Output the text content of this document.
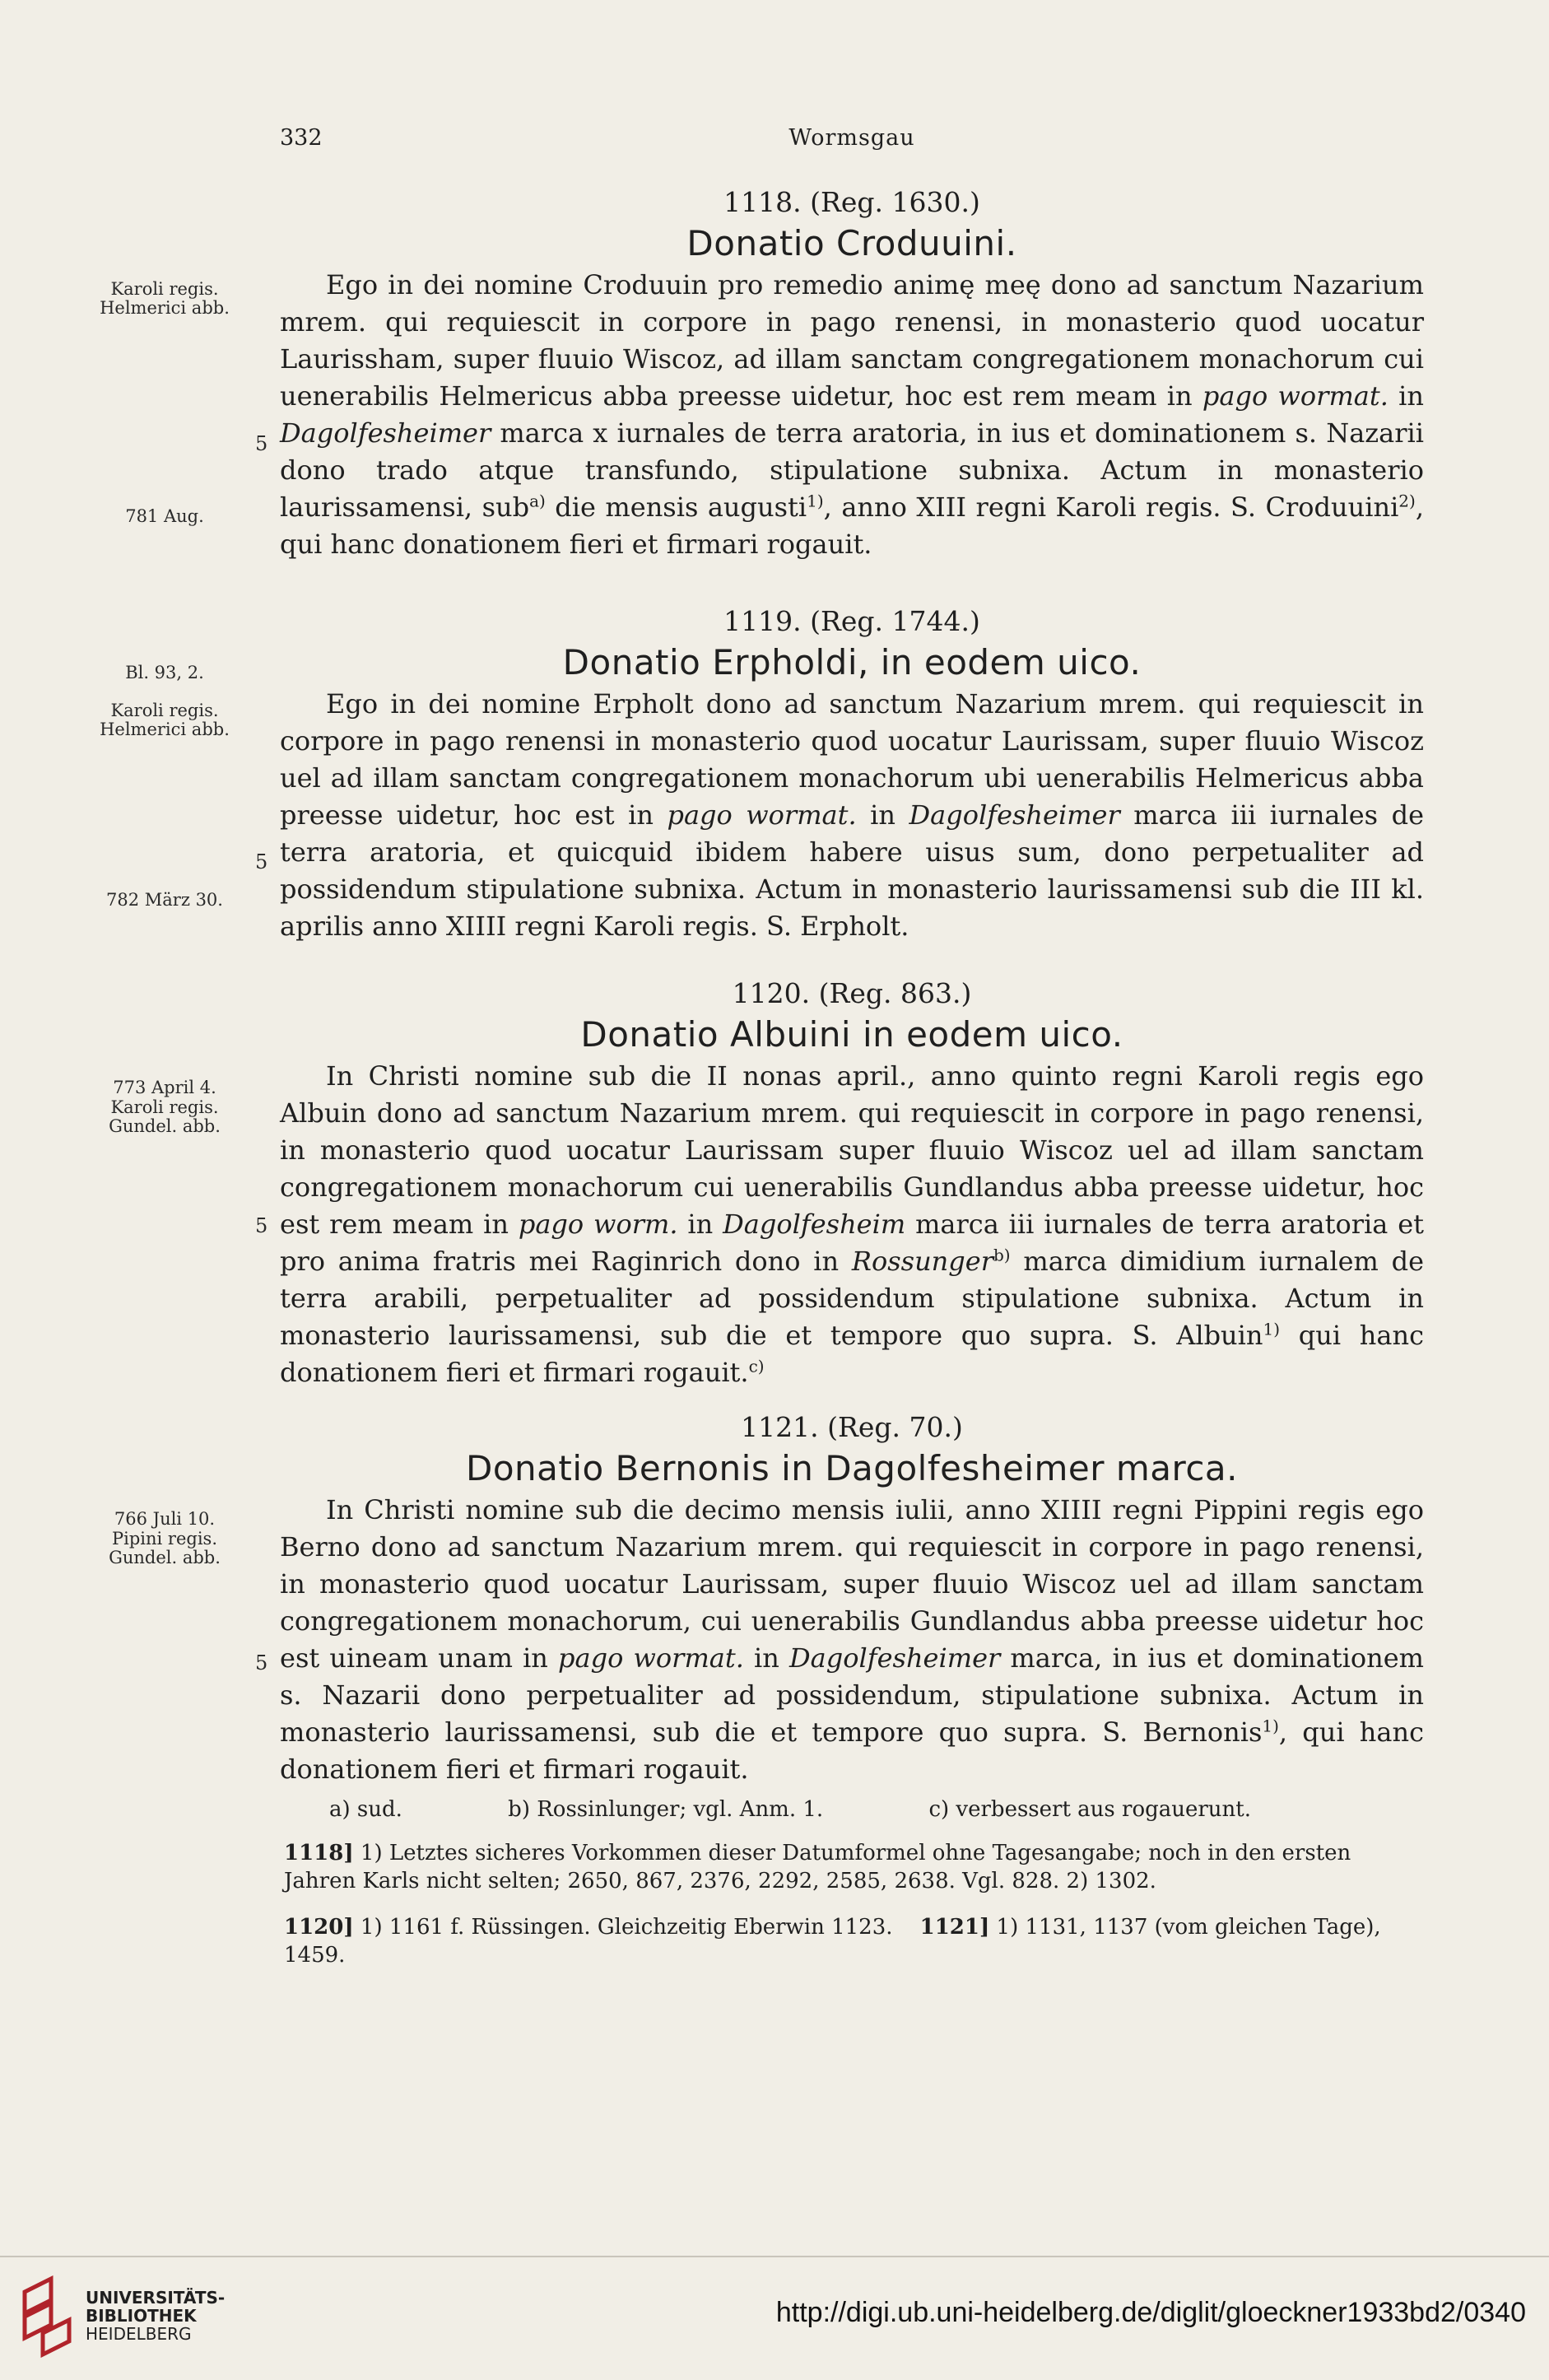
332	Wormsgau
Karoli regis.
Helmerici abb.
781 Aug.
Bl. 93, 2.
Karoli regis.
Helmerici abb.
782 März 30.
773 April 4.
Karoli regis.
Gundel. abb.
766 Juli 10.
Pipini regis.
Gundel. abb.
5
5
5
5
1118. (Reg. 1630.)
Donatio Croduuini.
Ego in dei nomine Croduuin pro remedio animę meę dono ad sanctum Nazarium mrem. qui requiescit in corpore in pago renensi, in monasterio quod uocatur Laurissham, super fluuio Wiscoz, ad illam sanctam congregationem monachorum cui uenerabilis Helmericus abba preesse uidetur, hoc est rem meam in pago wormat. in Dagolfesheimer marca x iurnales de terra aratoria, in ius et dominationem s. Nazarii dono trado atque transfundo, stipulatione subnixa. Actum in monasterio laurissamensi, sub$^{a)}$ die mensis augusti$^{1)}$, anno XIII regni Karoli regis. S. Croduuini$^{2)}$, qui hanc donationem fieri et firmari rogauit.
1119. (Reg. 1744.)
Donatio Erpholdi, in eodem uico.
Ego in dei nomine Erpholt dono ad sanctum Nazarium mrem. qui requiescit in corpore in pago renensi in monasterio quod uocatur Laurissam, super fluuio Wiscoz uel ad illam sanctam congregationem monachorum ubi uenerabilis Helmericus abba preesse uidetur, hoc est in pago wormat. in Dagolfesheimer marca iii iurnales de terra aratoria, et quicquid ibidem habere uisus sum, dono perpetualiter ad possidendum stipulatione subnixa. Actum in monasterio laurissamensi sub die III kl. aprilis anno XIIII regni Karoli regis. S. Erpholt.
1120. (Reg. 863.)
Donatio Albuini in eodem uico.
In Christi nomine sub die II nonas april., anno quinto regni Karoli regis ego Albuin dono ad sanctum Nazarium mrem. qui requiescit in corpore in pago renensi, in monasterio quod uocatur Laurissam super fluuio Wiscoz uel ad illam sanctam congregationem monachorum cui uenerabilis Gundlandus abba preesse uidetur, hoc est rem meam in pago worm. in Dagolfesheim marca iii iurnales de terra aratoria et pro anima fratris mei Raginrich dono in Rossunger$^{b)}$ marca dimidium iurnalem de terra arabili, perpetualiter ad possidendum stipulatione subnixa. Actum in monasterio laurissamensi, sub die et tempore quo supra. S. Albuin$^{1)}$ qui hanc donationem fieri et firmari rogauit.$^{c)}$
1121. (Reg. 70.)
Donatio Bernonis in Dagolfesheimer marca.
In Christi nomine sub die decimo mensis iulii, anno XIIII regni Pippini regis ego Berno dono ad sanctum Nazarium mrem. qui requiescit in corpore in pago renensi, in monasterio quod uocatur Laurissam, super fluuio Wiscoz uel ad illam sanctam congregationem monachorum, cui uenerabilis Gundlandus abba preesse uidetur hoc est uineam unam in pago wormat. in Dagolfesheimer marca, in ius et dominationem s. Nazarii dono perpetualiter ad possidendum, stipulatione subnixa. Actum in monasterio laurissamensi, sub die et tempore quo supra. S. Bernonis$^{1)}$, qui hanc donationem fieri et firmari rogauit.
a) sud.	b) Rossinlunger; vgl. Anm. 1.	c) verbessert aus rogauerunt.
1118] 1) Letztes sicheres Vorkommen dieser Datumformel ohne Tagesangabe; noch in den ersten Jahren Karls nicht selten; 2650, 867, 2376, 2292, 2585, 2638. Vgl. 828. 2) 1302.
1120] 1) 1161 f. Rüssingen. Gleichzeitig Eberwin 1123. 1121] 1) 1131, 1137 (vom gleichen Tage), 1459.
UNIVERSITÄTS-
BIBLIOTHEK
HEIDELBERG
http://digi.ub.uni-heidelberg.de/diglit/gloeckner1933bd2/0340
